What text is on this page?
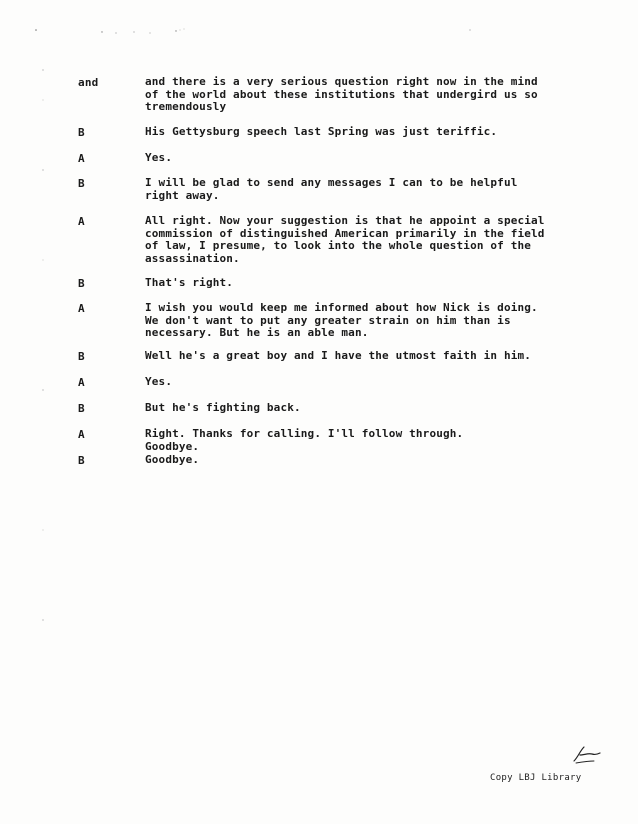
and	and there is a very serious question right now in the mind
of the world about these institutions that undergird us so
tremendously
B	His Gettysburg speech last Spring was just teriffic.
A	Yes.
B	I will be glad to send any messages I can to be helpful
right away.
A	All right. Now your suggestion is that he appoint a special
commission of distinguished American primarily in the field
of law, I presume, to look into the whole question of the
assassination.
B	That's right.
A	I wish you would keep me informed about how Nick is doing.
We don't want to put any greater strain on him than is
necessary. But he is an able man.
B	Well he's a great boy and I have the utmost faith in him.
A	Yes.
B	But he's fighting back.
A	Right. Thanks for calling. I'll follow through.
Goodbye.
B	Goodbye.
Copy LBJ Library
